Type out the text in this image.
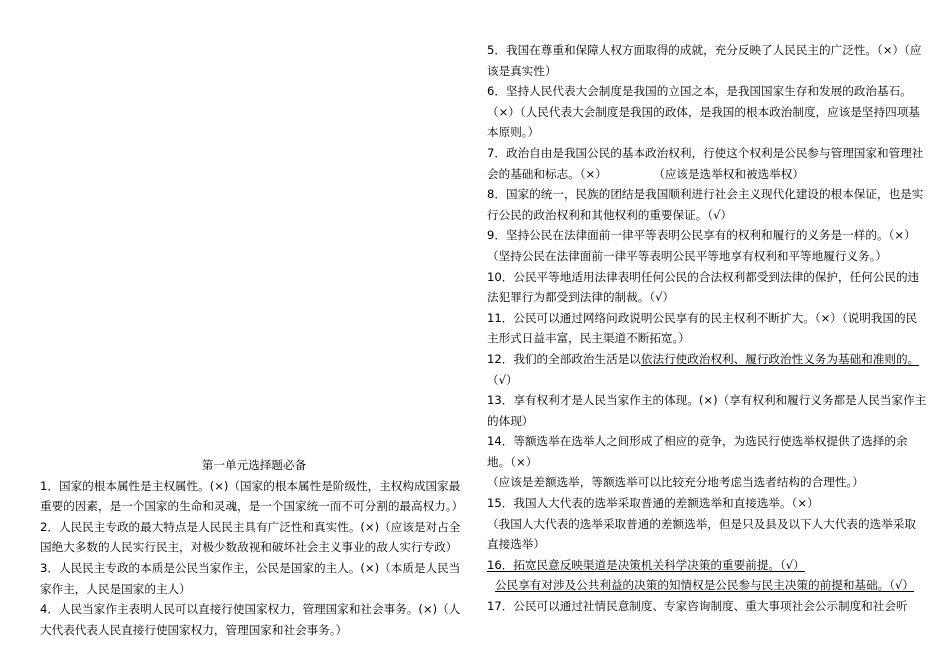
第一单元选择题必备

1．国家的根本属性是主权属性。(×)（国家的根本属性是阶级性，主权构成国家最重要的因素，是一个国家的生命和灵魂，是一个国家统一而不可分割的最高权力。）

2．人民民主专政的最大特点是人民民主具有广泛性和真实性。(×)（应该是对占全国绝大多数的人民实行民主，对极少数敌视和破坏社会主义事业的敌人实行专政）

3．人民民主专政的本质是公民当家作主，公民是国家的主人。(×)（本质是人民当家作主，人民是国家的主人）

4．人民当家作主表明人民可以直接行使国家权力，管理国家和社会事务。(×)（人大代表代表人民直接行使国家权力，管理国家和社会事务。）

5．我国在尊重和保障人权方面取得的成就，充分反映了人民民主的广泛性。（×）（应该是真实性）

6．坚持人民代表大会制度是我国的立国之本，是我国国家生存和发展的政治基石。（×）（人民代表大会制度是我国的政体，是我国的根本政治制度，应该是坚持四项基本原则。）

7．政治自由是我国公民的基本政治权利，行使这个权利是公民参与管理国家和管理社会的基础和标志。（×）　　　　　（应该是选举权和被选举权）

8．国家的统一，民族的团结是我国顺利进行社会主义现代化建设的根本保证，也是实行公民的政治权利和其他权利的重要保证。（√）

9．坚持公民在法律面前一律平等表明公民享有的权利和履行的义务是一样的。（×）（坚持公民在法律面前一律平等表明公民平等地享有权利和平等地履行义务。）

10．公民平等地适用法律表明任何公民的合法权利都受到法律的保护，任何公民的违法犯罪行为都受到法律的制裁。（√）

11．公民可以通过网络问政说明公民享有的民主权利不断扩大。（×）（说明我国的民主形式日益丰富，民主渠道不断拓宽。）

12．我们的全部政治生活是以依法行使政治权利、履行政治性义务为基础和准则的。（√）

13．享有权利才是人民当家作主的体现。(×)（享有权利和履行义务都是人民当家作主的体现）

14．等额选举在选举人之间形成了相应的竞争，为选民行使选举权提供了选择的余地。（×）

（应该是差额选举，等额选举可以比较充分地考虑当选者结构的合理性。）

15．我国人大代表的选举采取普通的差额选举和直接选举。（×）

（我国人大代表的选举采取普通的差额选举，但是只及县及以下人大代表的选举采取直接选举）

16．拓宽民意反映渠道是决策机关科学决策的重要前提。（√）

公民享有对涉及公共利益的决策的知情权是公民参与民主决策的前提和基础。（√）

17．公民可以通过社情民意制度、专家咨询制度、重大事项社会公示制度和社会听
